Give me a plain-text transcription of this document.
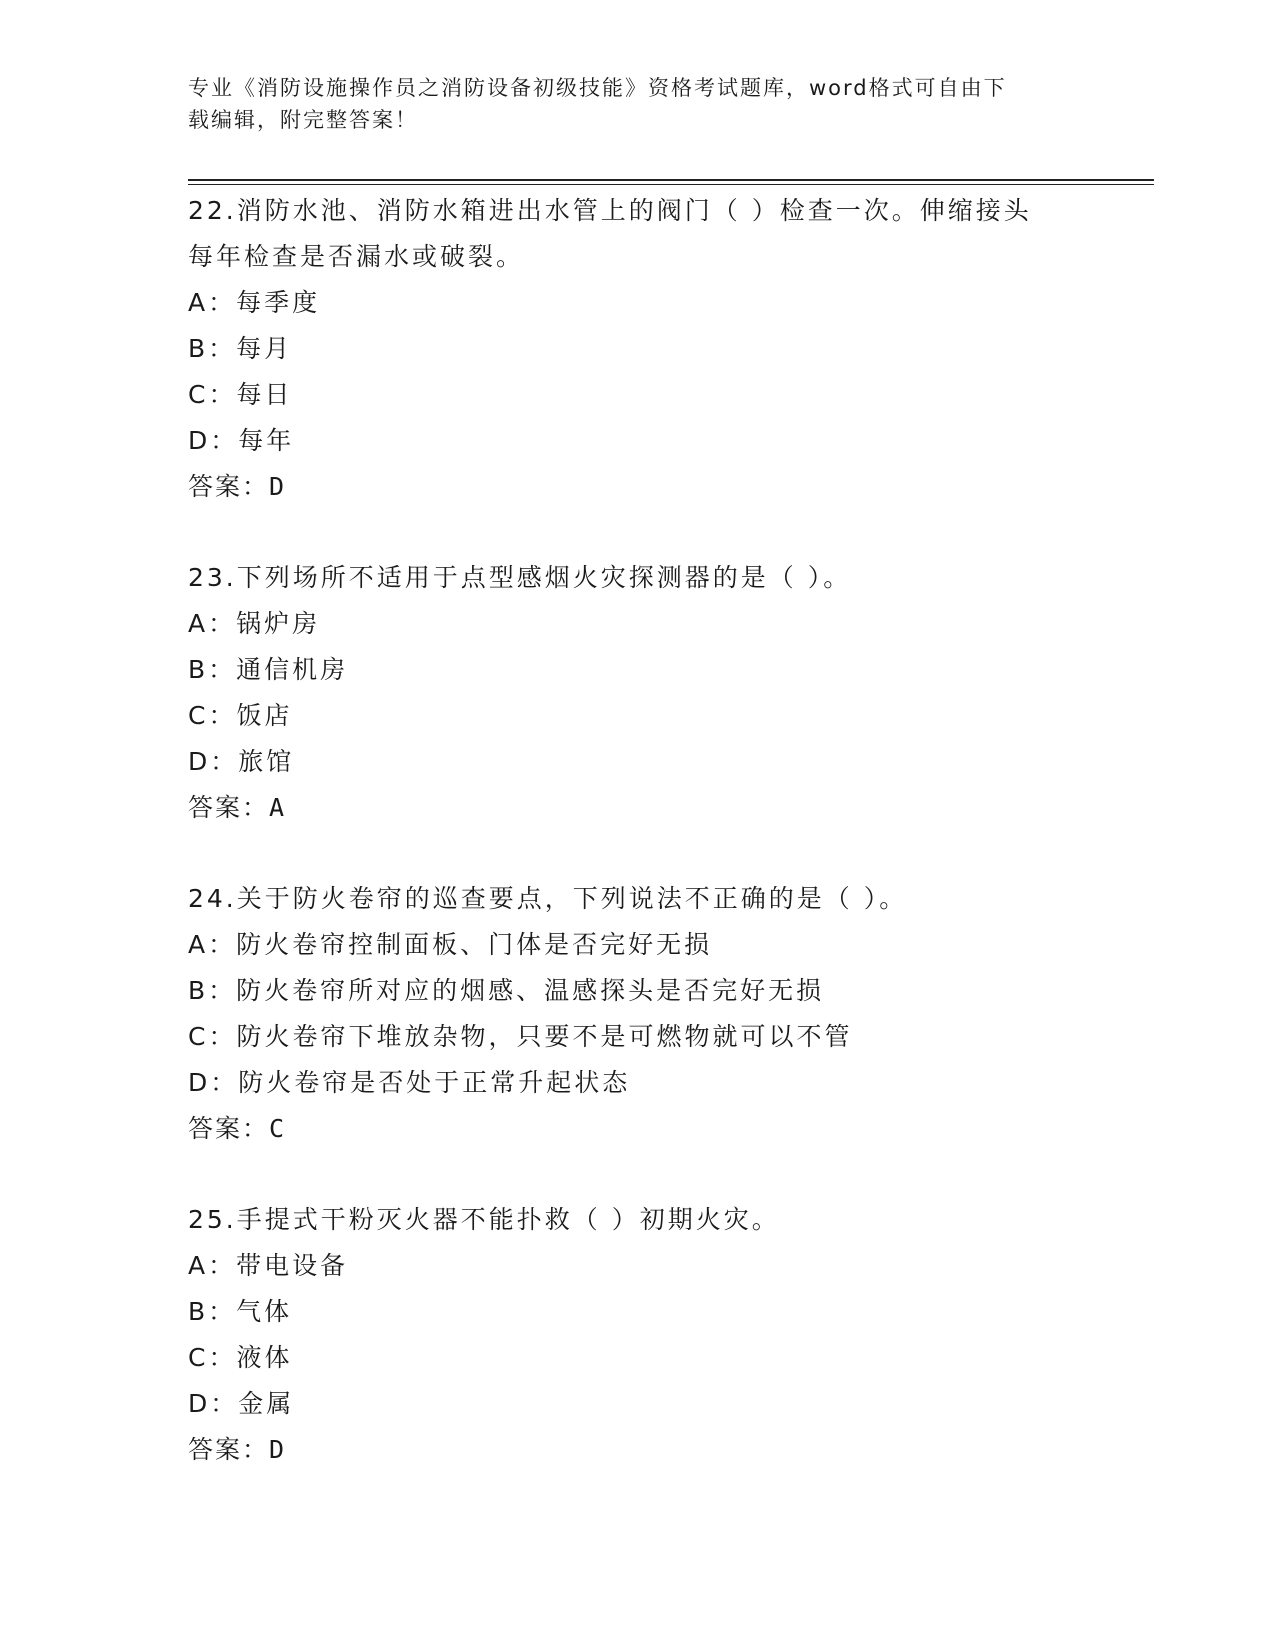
专业《消防设施操作员之消防设备初级技能》资格考试题库，word格式可自由下
载编辑，附完整答案！
22.消防水池、消防水箱进出水管上的阀门（ ）检查一次。伸缩接头
每年检查是否漏水或破裂。
A：每季度
B：每月
C：每日
D：每年
答案：D
23.下列场所不适用于点型感烟火灾探测器的是（ ）。
A：锅炉房
B：通信机房
C：饭店
D：旅馆
答案：A
24.关于防火卷帘的巡查要点，下列说法不正确的是（ ）。
A：防火卷帘控制面板、门体是否完好无损
B：防火卷帘所对应的烟感、温感探头是否完好无损
C：防火卷帘下堆放杂物，只要不是可燃物就可以不管
D：防火卷帘是否处于正常升起状态
答案：C
25.手提式干粉灭火器不能扑救（ ）初期火灾。
A：带电设备
B：气体
C：液体
D：金属
答案：D
